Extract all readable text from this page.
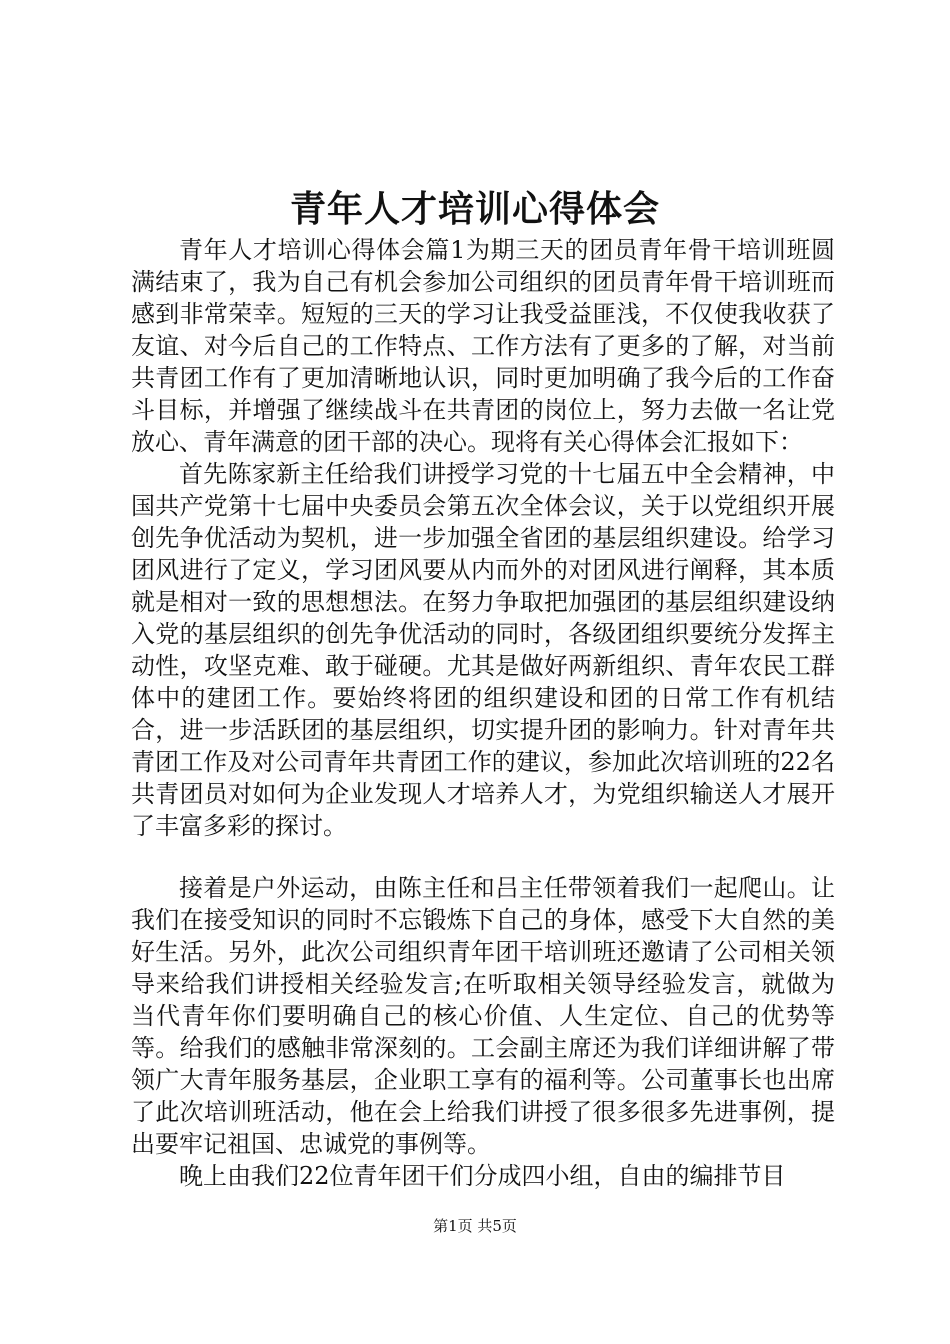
青年人才培训心得体会

青年人才培训心得体会篇1为期三天的团员青年骨干培训班圆满结束了，我为自己有机会参加公司组织的团员青年骨干培训班而感到非常荣幸。短短的三天的学习让我受益匪浅，不仅使我收获了友谊、对今后自己的工作特点、工作方法有了更多的了解，对当前共青团工作有了更加清晰地认识，同时更加明确了我今后的工作奋斗目标，并增强了继续战斗在共青团的岗位上，努力去做一名让党放心、青年满意的团干部的决心。现将有关心得体会汇报如下：

首先陈家新主任给我们讲授学习党的十七届五中全会精神，中国共产党第十七届中央委员会第五次全体会议，关于以党组织开展创先争优活动为契机，进一步加强全省团的基层组织建设。给学习团风进行了定义，学习团风要从内而外的对团风进行阐释，其本质就是相对一致的思想想法。在努力争取把加强团的基层组织建设纳入党的基层组织的创先争优活动的同时，各级团组织要统分发挥主动性，攻坚克难、敢于碰硬。尤其是做好两新组织、青年农民工群体中的建团工作。要始终将团的组织建设和团的日常工作有机结合，进一步活跃团的基层组织，切实提升团的影响力。针对青年共青团工作及对公司青年共青团工作的建议，参加此次培训班的22名共青团员对如何为企业发现人才培养人才，为党组织输送人才展开了丰富多彩的探讨。

接着是户外运动，由陈主任和吕主任带领着我们一起爬山。让我们在接受知识的同时不忘锻炼下自己的身体，感受下大自然的美好生活。另外，此次公司组织青年团干培训班还邀请了公司相关领导来给我们讲授相关经验发言;在听取相关领导经验发言，就做为当代青年你们要明确自己的核心价值、人生定位、自己的优势等等。给我们的感触非常深刻的。工会副主席还为我们详细讲解了带领广大青年服务基层，企业职工享有的福利等。公司董事长也出席了此次培训班活动，他在会上给我们讲授了很多很多先进事例，提出要牢记祖国、忠诚党的事例等。

晚上由我们22位青年团干们分成四小组，自由的编排节目

第1页 共5页
